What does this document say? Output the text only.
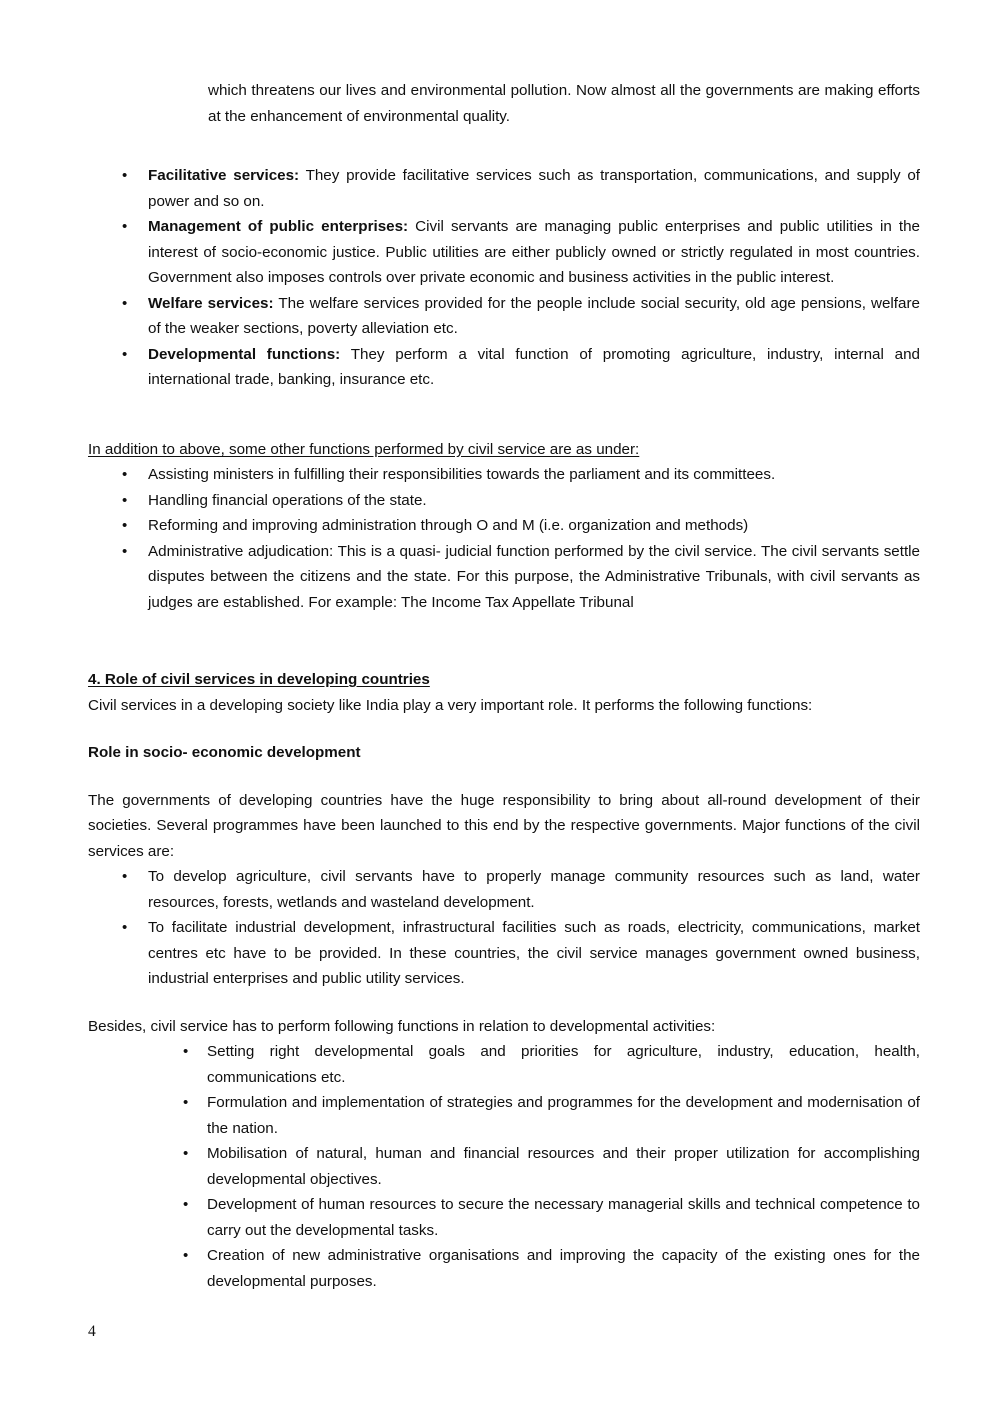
which threatens our lives and environmental pollution. Now almost all the governments are making efforts at the enhancement of environmental quality.

•	Facilitative services: They provide facilitative services such as transportation, communications, and supply of power and so on.
•	Management of public enterprises: Civil servants are managing public enterprises and public utilities in the interest of socio-economic justice. Public utilities are either publicly owned or strictly regulated in most countries. Government also imposes controls over private economic and business activities in the public interest.
•	Welfare services: The welfare services provided for the people include social security, old age pensions, welfare of the weaker sections, poverty alleviation etc.
•	Developmental functions: They perform a vital function of promoting agriculture, industry, internal and international trade, banking, insurance etc.

In addition to above, some other functions performed by civil service are as under:

•	Assisting ministers in fulfilling their responsibilities towards the parliament and its committees.
•	Handling financial operations of the state.
•	Reforming and improving administration through O and M (i.e. organization and methods)
•	Administrative adjudication: This is a quasi- judicial function performed by the civil service. The civil servants settle disputes between the citizens and the state. For this purpose, the Administrative Tribunals, with civil servants as judges are established. For example: The Income Tax Appellate Tribunal

4. Role of civil services in developing countries

Civil services in a developing society like India play a very important role. It performs the following functions:

Role in socio- economic development

The governments of developing countries have the huge responsibility to bring about all-round development of their societies. Several programmes have been launched to this end by the respective governments. Major functions of the civil services are:

•	To develop agriculture, civil servants have to properly manage community resources such as land, water resources, forests, wetlands and wasteland development.
•	To facilitate industrial development, infrastructural facilities such as roads, electricity, communications, market centres etc have to be provided. In these countries, the civil service manages government owned business, industrial enterprises and public utility services.

Besides, civil service has to perform following functions in relation to developmental activities:

•	Setting right developmental goals and priorities for agriculture, industry, education, health, communications etc.
•	Formulation and implementation of strategies and programmes for the development and modernisation of the nation.
•	Mobilisation of natural, human and financial resources and their proper utilization for accomplishing developmental objectives.
•	Development of human resources to secure the necessary managerial skills and technical competence to carry out the developmental tasks.
•	Creation of new administrative organisations and improving the capacity of the existing ones for the developmental purposes.
4
